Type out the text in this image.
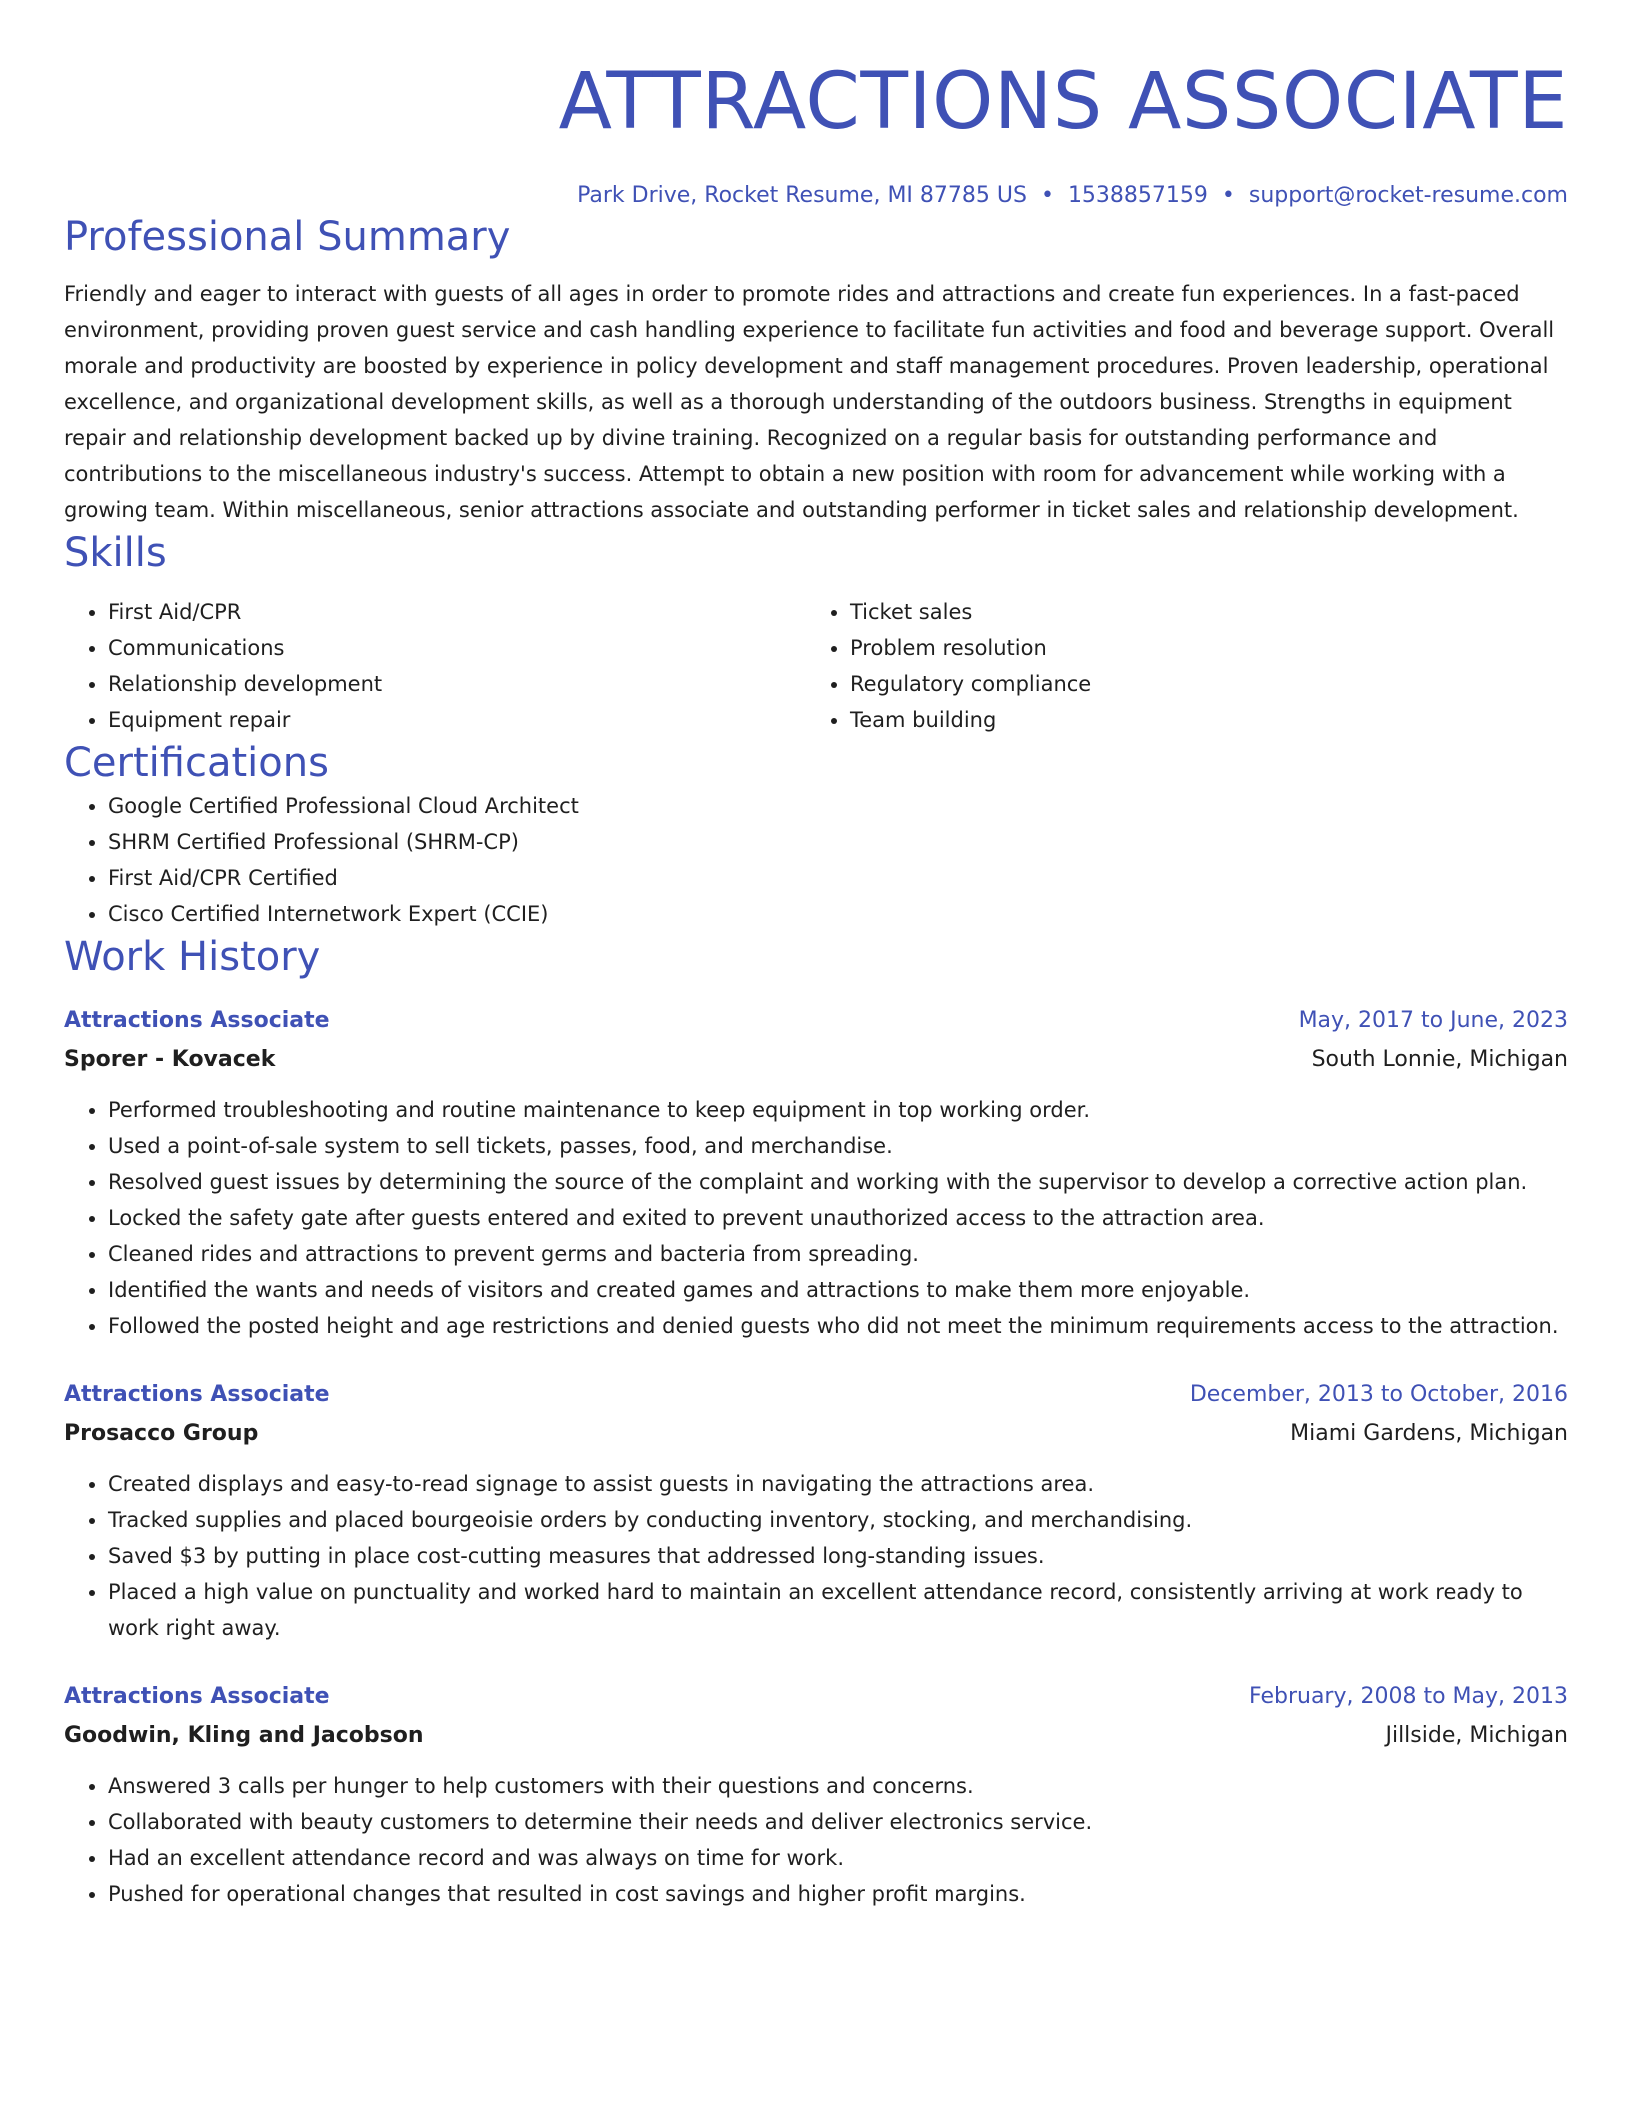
ATTRACTIONS ASSOCIATE
Park Drive, Rocket Resume, MI 87785 US • 1538857159 • support@rocket-resume.com
Professional Summary

Friendly and eager to interact with guests of all ages in order to promote rides and attractions and create fun experiences. In a fast-paced environment, providing proven guest service and cash handling experience to facilitate fun activities and food and beverage support. Overall morale and productivity are boosted by experience in policy development and staff management procedures. Proven leadership, operational excellence, and organizational development skills, as well as a thorough understanding of the outdoors business. Strengths in equipment repair and relationship development backed up by divine training. Recognized on a regular basis for outstanding performance and contributions to the miscellaneous industry's success. Attempt to obtain a new position with room for advancement while working with a growing team. Within miscellaneous, senior attractions associate and outstanding performer in ticket sales and relationship development.

Skills
• First Aid/CPR
• Communications
• Relationship development
• Equipment repair
• Ticket sales
• Problem resolution
• Regulatory compliance
• Team building
Certifications
• Google Certified Professional Cloud Architect
• SHRM Certified Professional (SHRM-CP)
• First Aid/CPR Certified
• Cisco Certified Internetwork Expert (CCIE)
Work History
Attractions Associate	May, 2017 to June, 2023
Sporer - Kovacek	South Lonnie, Michigan
• Performed troubleshooting and routine maintenance to keep equipment in top working order.
• Used a point-of-sale system to sell tickets, passes, food, and merchandise.
• Resolved guest issues by determining the source of the complaint and working with the supervisor to develop a corrective action plan.
• Locked the safety gate after guests entered and exited to prevent unauthorized access to the attraction area.
• Cleaned rides and attractions to prevent germs and bacteria from spreading.
• Identified the wants and needs of visitors and created games and attractions to make them more enjoyable.
• Followed the posted height and age restrictions and denied guests who did not meet the minimum requirements access to the attraction.
Attractions Associate	December, 2013 to October, 2016
Prosacco Group	Miami Gardens, Michigan
• Created displays and easy-to-read signage to assist guests in navigating the attractions area.
• Tracked supplies and placed bourgeoisie orders by conducting inventory, stocking, and merchandising.
• Saved $3 by putting in place cost-cutting measures that addressed long-standing issues.
• Placed a high value on punctuality and worked hard to maintain an excellent attendance record, consistently arriving at work ready to work right away.
Attractions Associate	February, 2008 to May, 2013
Goodwin, Kling and Jacobson	Jillside, Michigan
• Answered 3 calls per hunger to help customers with their questions and concerns.
• Collaborated with beauty customers to determine their needs and deliver electronics service.
• Had an excellent attendance record and was always on time for work.
• Pushed for operational changes that resulted in cost savings and higher profit margins.
